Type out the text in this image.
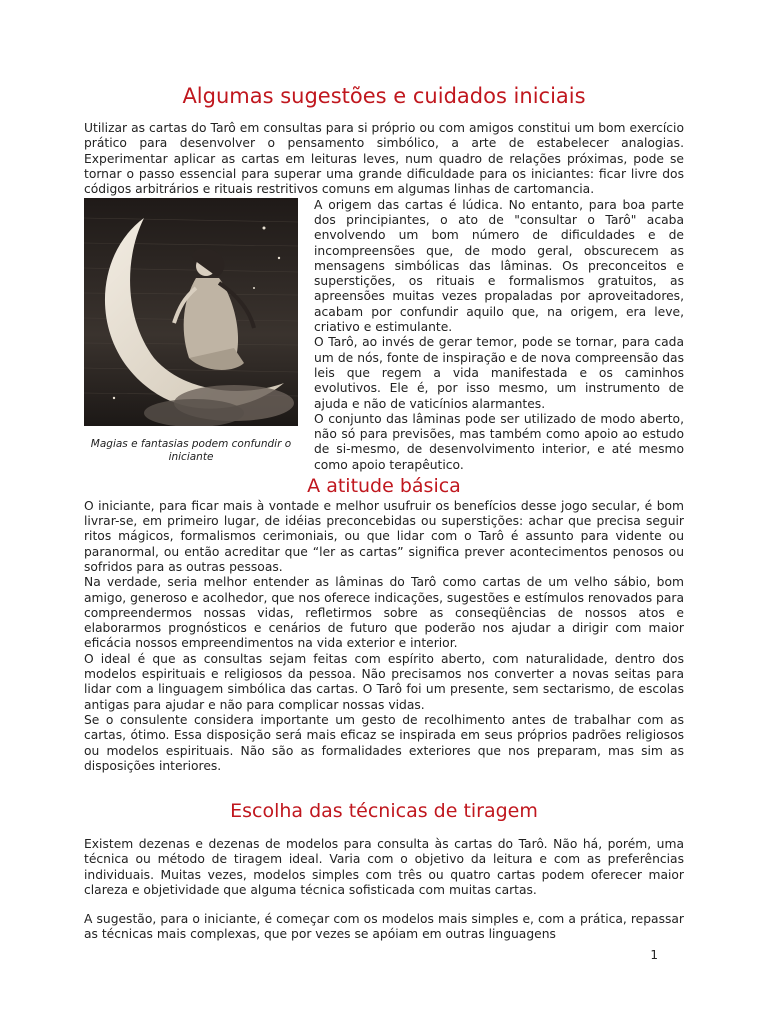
Algumas sugestões e cuidados iniciais

Utilizar as cartas do Tarô em consultas para si próprio ou com amigos constitui um bom exercício prático para desenvolver o pensamento simbólico, a arte de estabelecer analogias. Experimentar aplicar as cartas em leituras leves, num quadro de relações próximas, pode se tornar o passo essencial para superar uma grande dificuldade para os iniciantes: ficar livre dos códigos arbitrários e rituais restritivos comuns em algumas linhas de cartomancia.

Magias e fantasias podem confundir o iniciante

A origem das cartas é lúdica. No entanto, para boa parte dos principiantes, o ato de "consultar o Tarô" acaba envolvendo um bom número de dificuldades e de incompreensões que, de modo geral, obscurecem as mensagens simbólicas das lâminas. Os preconceitos e superstições, os rituais e formalismos gratuitos, as apreensões muitas vezes propaladas por aproveitadores, acabam por confundir aquilo que, na origem, era leve, criativo e estimulante.

O Tarô, ao invés de gerar temor, pode se tornar, para cada um de nós, fonte de inspiração e de nova compreensão das leis que regem a vida manifestada e os caminhos evolutivos. Ele é, por isso mesmo, um instrumento de ajuda e não de vaticínios alarmantes.

O conjunto das lâminas pode ser utilizado de modo aberto, não só para previsões, mas também como apoio ao estudo de si-mesmo, de desenvolvimento interior, e até mesmo como apoio terapêutico.

A atitude básica

O iniciante, para ficar mais à vontade e melhor usufruir os benefícios desse jogo secular, é bom livrar-se, em primeiro lugar, de idéias preconcebidas ou superstições: achar que precisa seguir ritos mágicos, formalismos cerimoniais, ou que lidar com o Tarô é assunto para vidente ou paranormal, ou então acreditar que “ler as cartas” significa prever acontecimentos penosos ou sofridos para as outras pessoas.

Na verdade, seria melhor entender as lâminas do Tarô como cartas de um velho sábio, bom amigo, generoso e acolhedor, que nos oferece indicações, sugestões e estímulos renovados para compreendermos nossas vidas, refletirmos sobre as conseqüências de nossos atos e elaborarmos prognósticos e cenários de futuro que poderão nos ajudar a dirigir com maior eficácia nossos empreendimentos na vida exterior e interior.

O ideal é que as consultas sejam feitas com espírito aberto, com naturalidade, dentro dos modelos espirituais e religiosos da pessoa. Não precisamos nos converter a novas seitas para lidar com a linguagem simbólica das cartas. O Tarô foi um presente, sem sectarismo, de escolas antigas para ajudar e não para complicar nossas vidas.

Se o consulente considera importante um gesto de recolhimento antes de trabalhar com as cartas, ótimo. Essa disposição será mais eficaz se inspirada em seus próprios padrões religiosos ou modelos espirituais. Não são as formalidades exteriores que nos preparam, mas sim as disposições interiores.

Escolha das técnicas de tiragem

Existem dezenas e dezenas de modelos para consulta às cartas do Tarô. Não há, porém, uma técnica ou método de tiragem ideal. Varia com o objetivo da leitura e com as preferências individuais. Muitas vezes, modelos simples com três ou quatro cartas podem oferecer maior clareza e objetividade que alguma técnica sofisticada com muitas cartas.

A sugestão, para o iniciante, é começar com os modelos mais simples e, com a prática, repassar as técnicas mais complexas, que por vezes se apóiam em outras linguagens

1
